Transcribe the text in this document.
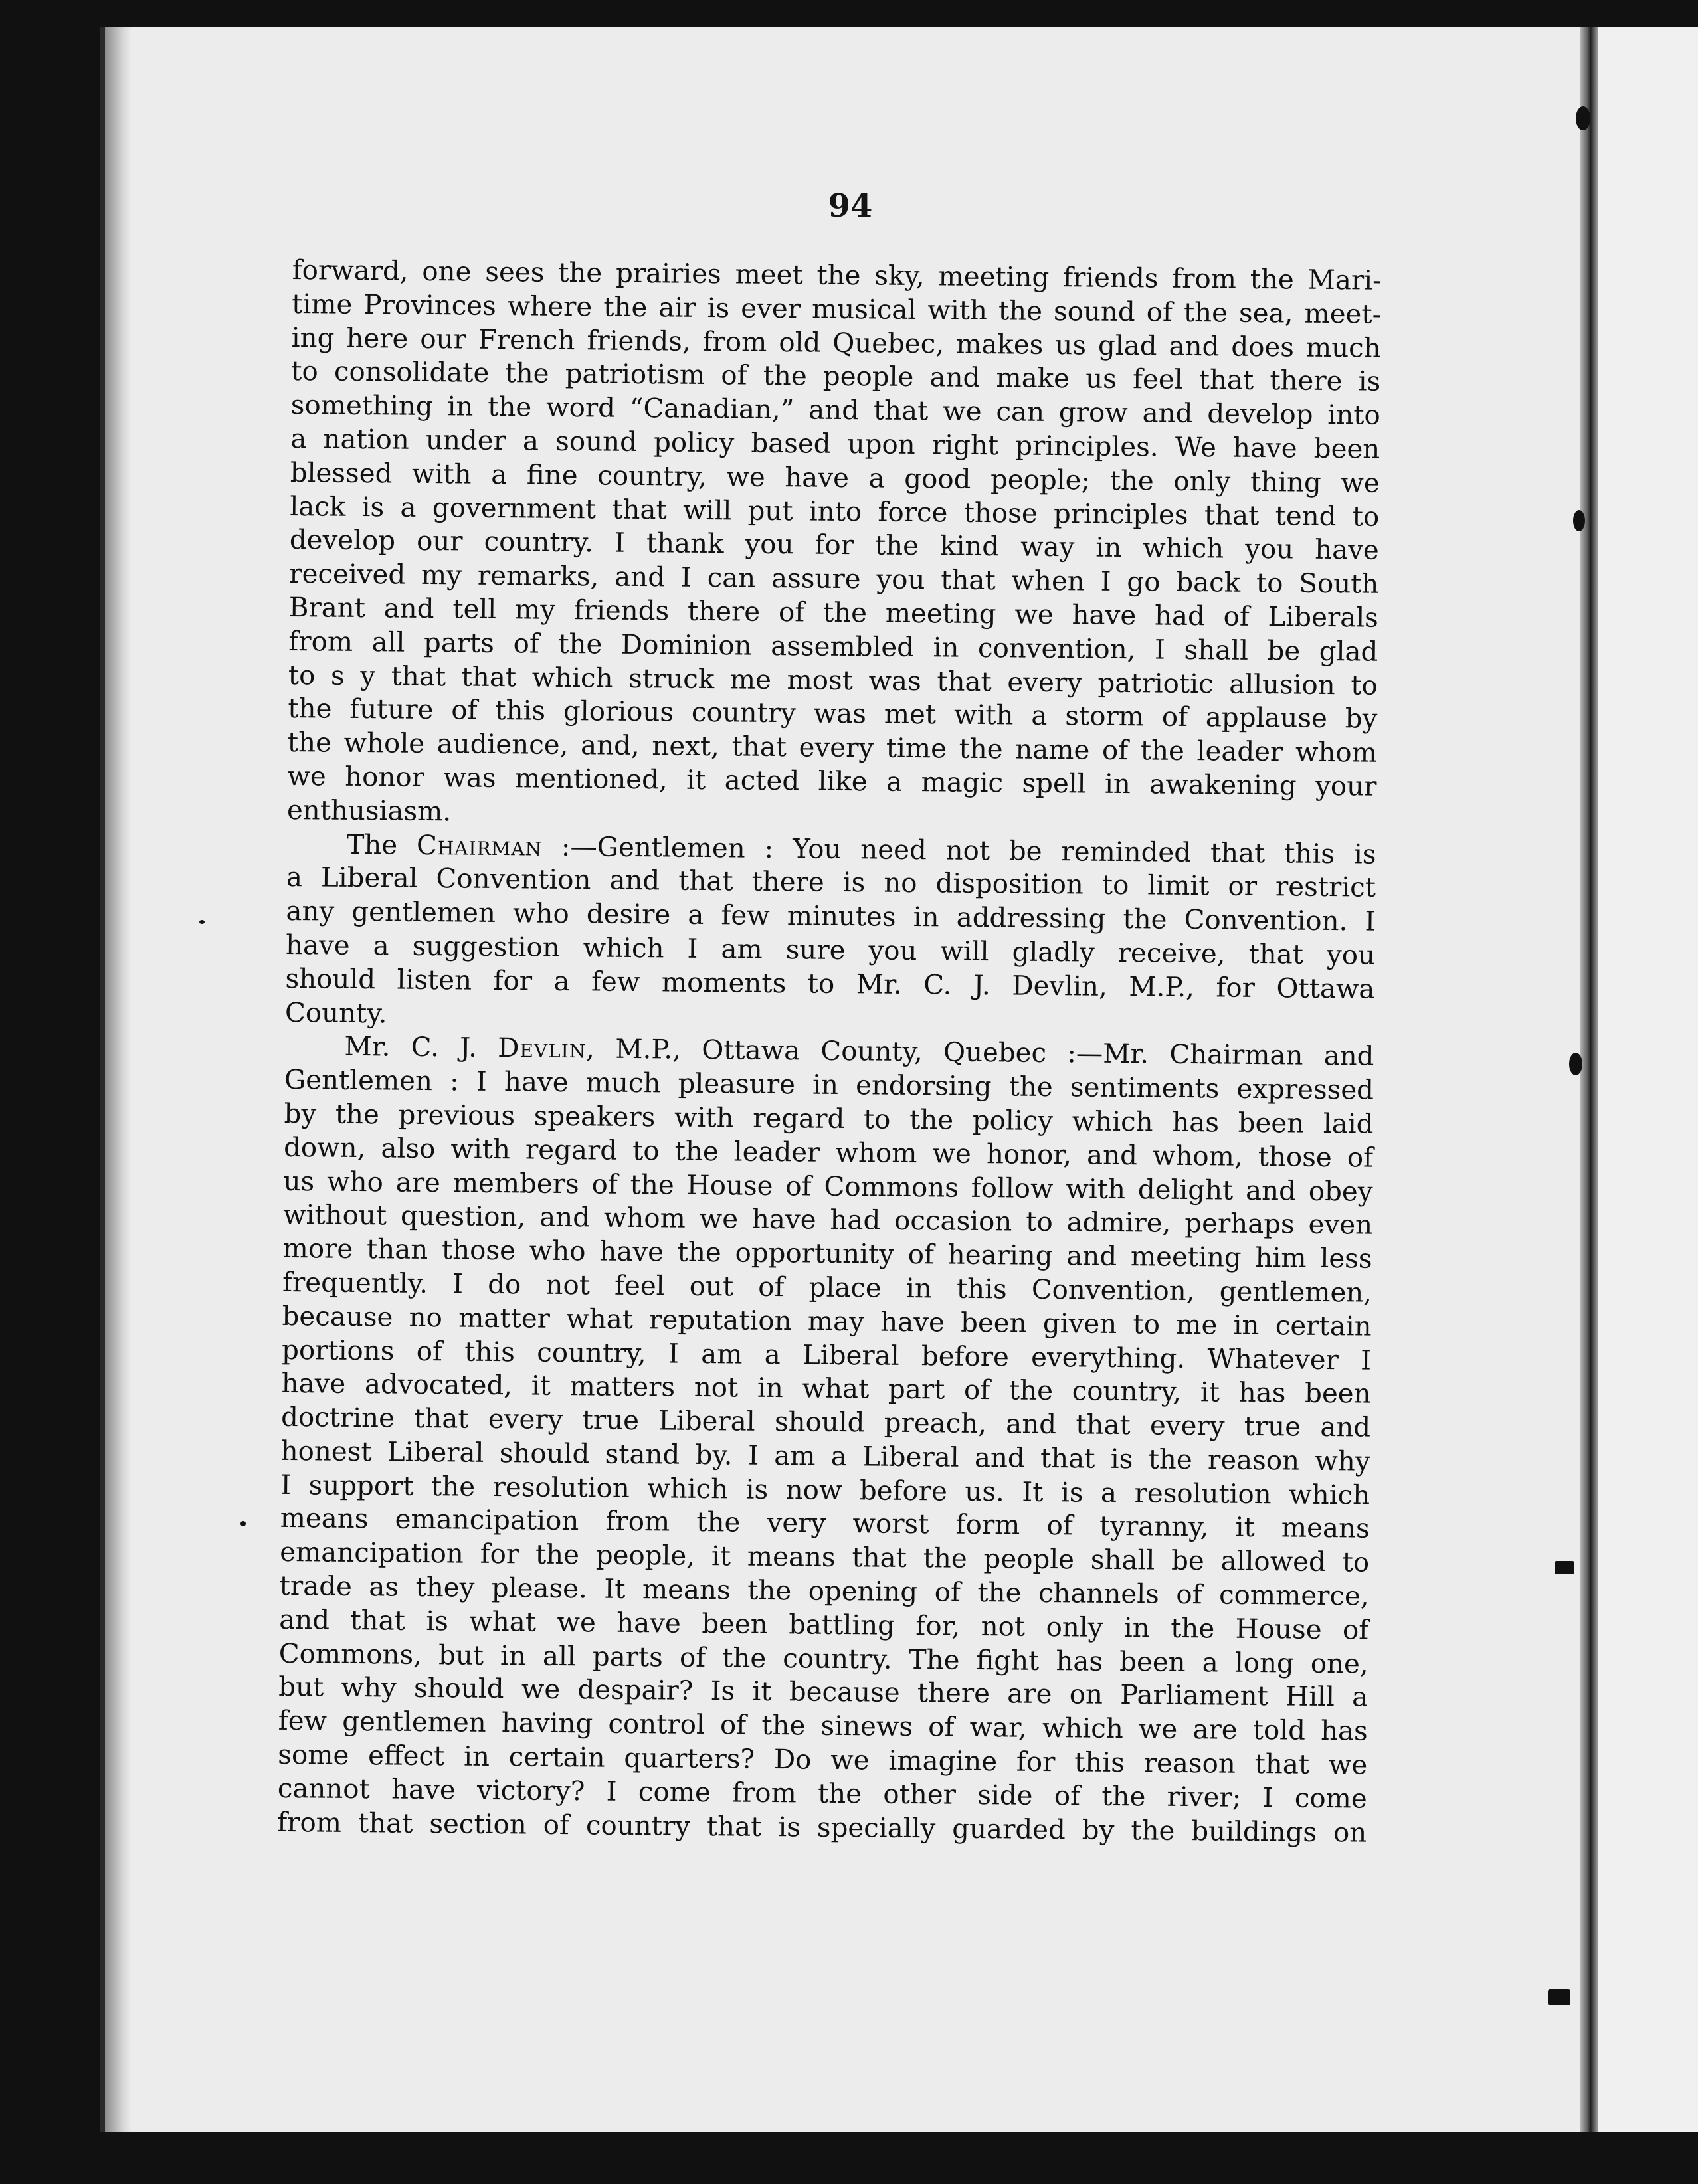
94
forward, one sees the prairies meet the sky, meeting friends from the Mari-
time Provinces where the air is ever musical with the sound of the sea, meet-
ing here our French friends, from old Quebec, makes us glad and does much
to consolidate the patriotism of the people and make us feel that there is
something in the word “Canadian,” and that we can grow and develop into
a nation under a sound policy based upon right principles. We have been
blessed with a fine country, we have a good people; the only thing we
lack is a government that will put into force those principles that tend to
develop our country. I thank you for the kind way in which you have
received my remarks, and I can assure you that when I go back to South
Brant and tell my friends there of the meeting we have had of Liberals
from all parts of the Dominion assembled in convention, I shall be glad
to s y that that which struck me most was that every patriotic allusion to
the future of this glorious country was met with a storm of applause by
the whole audience, and, next, that every time the name of the leader whom
we honor was mentioned, it acted like a magic spell in awakening your
enthusiasm.
The Chairman :—Gentlemen : You need not be reminded that this is
a Liberal Convention and that there is no disposition to limit or restrict
any gentlemen who desire a few minutes in addressing the Convention. I
have a suggestion which I am sure you will gladly receive, that you
should listen for a few moments to Mr. C. J. Devlin, M.P., for Ottawa
County.
Mr. C. J. Devlin, M.P., Ottawa County, Quebec :—Mr. Chairman and
Gentlemen : I have much pleasure in endorsing the sentiments expressed
by the previous speakers with regard to the policy which has been laid
down, also with regard to the leader whom we honor, and whom, those of
us who are members of the House of Commons follow with delight and obey
without question, and whom we have had occasion to admire, perhaps even
more than those who have the opportunity of hearing and meeting him less
frequently. I do not feel out of place in this Convention, gentlemen,
because no matter what reputation may have been given to me in certain
portions of this country, I am a Liberal before everything. Whatever I
have advocated, it matters not in what part of the country, it has been
doctrine that every true Liberal should preach, and that every true and
honest Liberal should stand by. I am a Liberal and that is the reason why
I support the resolution which is now before us. It is a resolution which
means emancipation from the very worst form of tyranny, it means
emancipation for the people, it means that the people shall be allowed to
trade as they please. It means the opening of the channels of commerce,
and that is what we have been battling for, not only in the House of
Commons, but in all parts of the country. The fight has been a long one,
but why should we despair? Is it because there are on Parliament Hill a
few gentlemen having control of the sinews of war, which we are told has
some effect in certain quarters? Do we imagine for this reason that we
cannot have victory? I come from the other side of the river; I come
from that section of country that is specially guarded by the buildings on
